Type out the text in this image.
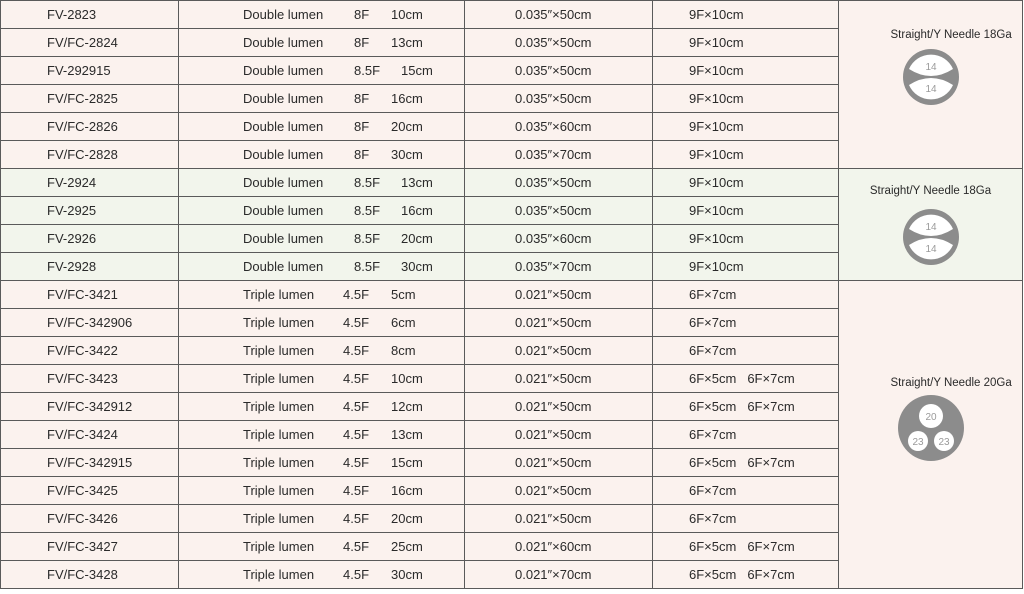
FV-2823	Double lumen 8F 10cm	0.035″×50cm	9F×10cm	Straight/Y Needle 18Ga
14
14

FV/FC-2824	Double lumen 8F 13cm	0.035″×50cm	9F×10cm	
FV-292915	Double lumen 8.5F 15cm	0.035″×50cm	9F×10cm	
FV/FC-2825	Double lumen 8F 16cm	0.035″×50cm	9F×10cm	
FV/FC-2826	Double lumen 8F 20cm	0.035″×60cm	9F×10cm	
FV/FC-2828	Double lumen 8F 30cm	0.035″×70cm	9F×10cm	
FV-2924	Double lumen 8.5F 13cm	0.035″×50cm	9F×10cm	Straight/Y Needle 18Ga
14
14

FV-2925	Double lumen 8.5F 16cm	0.035″×50cm	9F×10cm	
FV-2926	Double lumen 8.5F 20cm	0.035″×60cm	9F×10cm	
FV-2928	Double lumen 8.5F 30cm	0.035″×70cm	9F×10cm	
FV/FC-3421	Triple lumen 4.5F 5cm	0.021″×50cm	6F×7cm	Straight/Y Needle 20Ga
20
23 23

FV/FC-342906	Triple lumen 4.5F 6cm	0.021″×50cm	6F×7cm	
FV/FC-3422	Triple lumen 4.5F 8cm	0.021″×50cm	6F×7cm	
FV/FC-3423	Triple lumen 4.5F 10cm	0.021″×50cm	6F×5cm 6F×7cm	
FV/FC-342912	Triple lumen 4.5F 12cm	0.021″×50cm	6F×5cm 6F×7cm	
FV/FC-3424	Triple lumen 4.5F 13cm	0.021″×50cm	6F×7cm	
FV/FC-342915	Triple lumen 4.5F 15cm	0.021″×50cm	6F×5cm 6F×7cm	
FV/FC-3425	Triple lumen 4.5F 16cm	0.021″×50cm	6F×7cm	
FV/FC-3426	Triple lumen 4.5F 20cm	0.021″×50cm	6F×7cm	
FV/FC-3427	Triple lumen 4.5F 25cm	0.021″×60cm	6F×5cm 6F×7cm	
FV/FC-3428	Triple lumen 4.5F 30cm	0.021″×70cm	6F×5cm 6F×7cm	
